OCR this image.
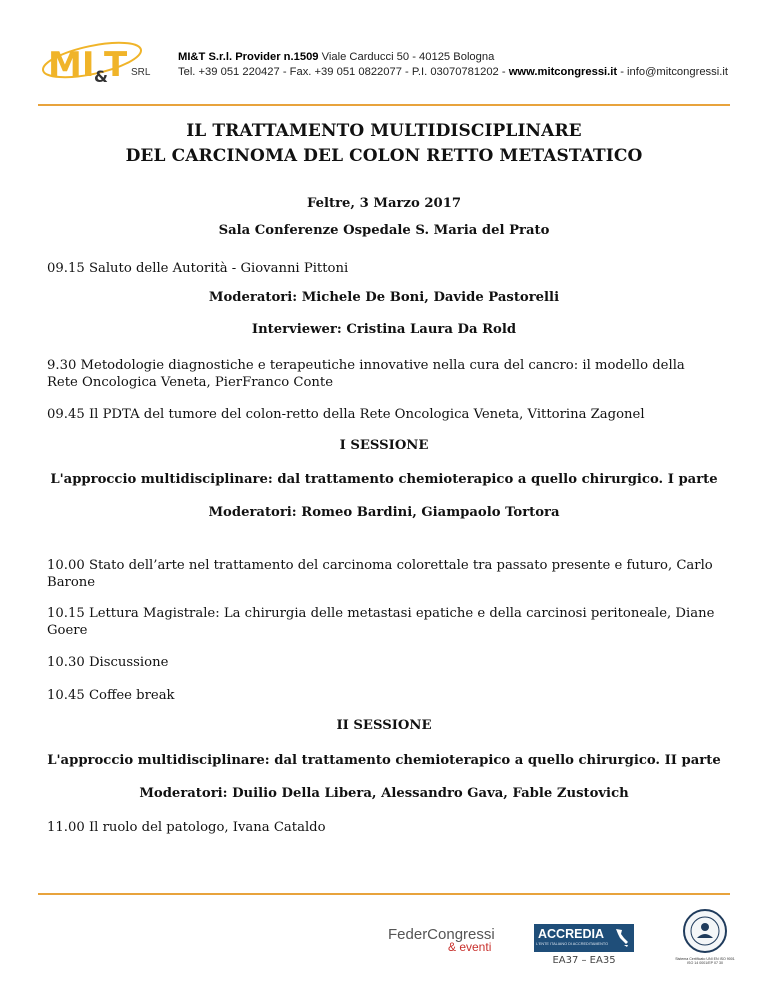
MI &
T SRL
MI&T S.r.l. Provider n.1509 Viale Carducci 50 - 40125 Bologna
Tel. +39 051 220427 - Fax. +39 051 0822077 - P.I. 03070781202 - www.mitcongressi.it - info@mitcongressi.it
IL TRATTAMENTO MULTIDISCIPLINARE
DEL CARCINOMA DEL COLON RETTO METASTATICO
Feltre, 3 Marzo 2017
Sala Conferenze Ospedale S. Maria del Prato
09.15 Saluto delle Autorità - Giovanni Pittoni
Moderatori: Michele De Boni, Davide Pastorelli
Interviewer: Cristina Laura Da Rold
9.30 Metodologie diagnostiche e terapeutiche innovative nella cura del cancro: il modello della Rete Oncologica Veneta, PierFranco Conte
09.45 Il PDTA del tumore del colon-retto della Rete Oncologica Veneta, Vittorina Zagonel
I SESSIONE
L'approccio multidisciplinare: dal trattamento chemioterapico a quello chirurgico. I parte
Moderatori: Romeo Bardini, Giampaolo Tortora
10.00 Stato dell’arte nel trattamento del carcinoma colorettale tra passato presente e futuro, Carlo Barone
10.15 Lettura Magistrale: La chirurgia delle metastasi epatiche e della carcinosi peritoneale, Diane Goere
10.30 Discussione
10.45 Coffee break
II SESSIONE
L'approccio multidisciplinare: dal trattamento chemioterapico a quello chirurgico. II parte
Moderatori: Duilio Della Libera, Alessandro Gava, Fable Zustovich
11.00 Il ruolo del patologo, Ivana Cataldo
FederCongressi
& eventi
ACCREDIA
L'ENTE ITALIANO DI ACCREDITAMENTO
EA37 – EA35	Sistema Certificato UNI EN ISO 9001 ISO 14 0001/EP 07 30
